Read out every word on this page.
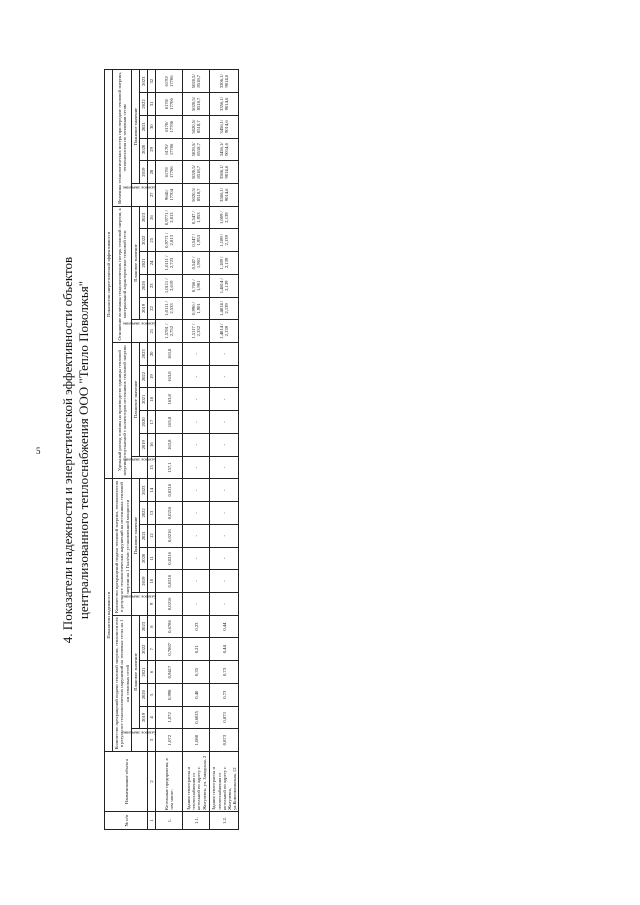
5 4. Показатели надежности и энергетической эффективности объектов централизованного теплоснабжения ООО "Тепло Поволжья"
№ п/п	Наименование объекта	Показатели надежности												Показатели энергетической эффективности																	
		Количество прекращений подачи тепловой энергии, теплоносителя в результате технологических нарушений на тепловых сетях на 1 км тепловых сетей						Количество прекращений подачи тепловой энергии, теплоносителя в результате технологических нарушений на источниках тепловой энергии на 1 Гкал/час установленной мощности						Удельный расход топлива на производство единицы тепловой энергии, отпускаемой с коллекторов источников тепловой энергии						Отношение величины технологических потерь тепловой энергии, к материальной характеристике тепловой сети						Величина технологических потерь при передаче тепловой энергии, теплоносителя по тепловым сетям					
		Базовое значение	Плановое значение					Базовое значение	Плановое значение					Базовое значение	Плановое значение					Базовое значение	Плановое значение					Базовое значение	Плановое значение				
			2019	2020	2021	2022	2023		2019	2020	2021	2022	2023		2019	2020	2021	2022	2023		2019	2020	2021	2022	2023		2019	2020	2021	2022	2023
1	2	3	4	5	6	7	8	9	10	11	12	13	14	15	16	17	18	19	20	21	22	23	24	25	26	27	28	29	30	31	32
1.	Котельные предприятия, в том числе:	1,072	1,072	0,998	0,9417	0,7807	0,6786	0,0216	0,0216	0,0216	0,0216	0,0216	0,0216	157,1	163,8	163,8	163,8	163,8	163,8	1,5781 / 2,752	1,0111 / 2,533	1,0111 / 2,619	1,0111 / 2,723	0,9771 / 2,813	0,9771 / 2,813	9641/ 17704	6170/ 17706	6170/ 17706	6170/ 17706	6170/ 17706	6170/ 17706
1.1.	Здания теплотрассы и теплоснабжения от котельной по адресу г. Жигулевск, ул. Заводская, 2	1,088	0,6025	0,40	0,35	0,21	0,23	-	-	-	-	-	-	-	-	-	-	-	-	1,5117 / 2,332	0,996 / 1,901	0,766 / 1,901	0,547 / 1,901	0,547 / 1,953	0,547 / 1,953	5020,5/ 8518,7	5020,5/ 8518,7	5020,5/ 8518,7	5020,5/ 8518,7	5020,5/ 8518,7	5020,5/ 8518,7
1.2.	Здания теплотрассы и теплоснабжения от котельной по адресу г. Жигулевск, ул.Комсомольская, 12	0,873	0,873	0,73	0,73	0,44	0,44	-	-	-	-	-	-	-	-	-	-	-	-	1,4814 / 2,139	1,4814 / 2,139	1,4814 / 2,139	1,189 / 2,139	1,189 / 2,139	1,009 / 2,139	3506,1/ 9014,6	3506,1/ 9014,6	3456,1/ 9014,6	3456,1/ 9014,6	3356,1/ 9014,6	3206,1/ 9014,6
